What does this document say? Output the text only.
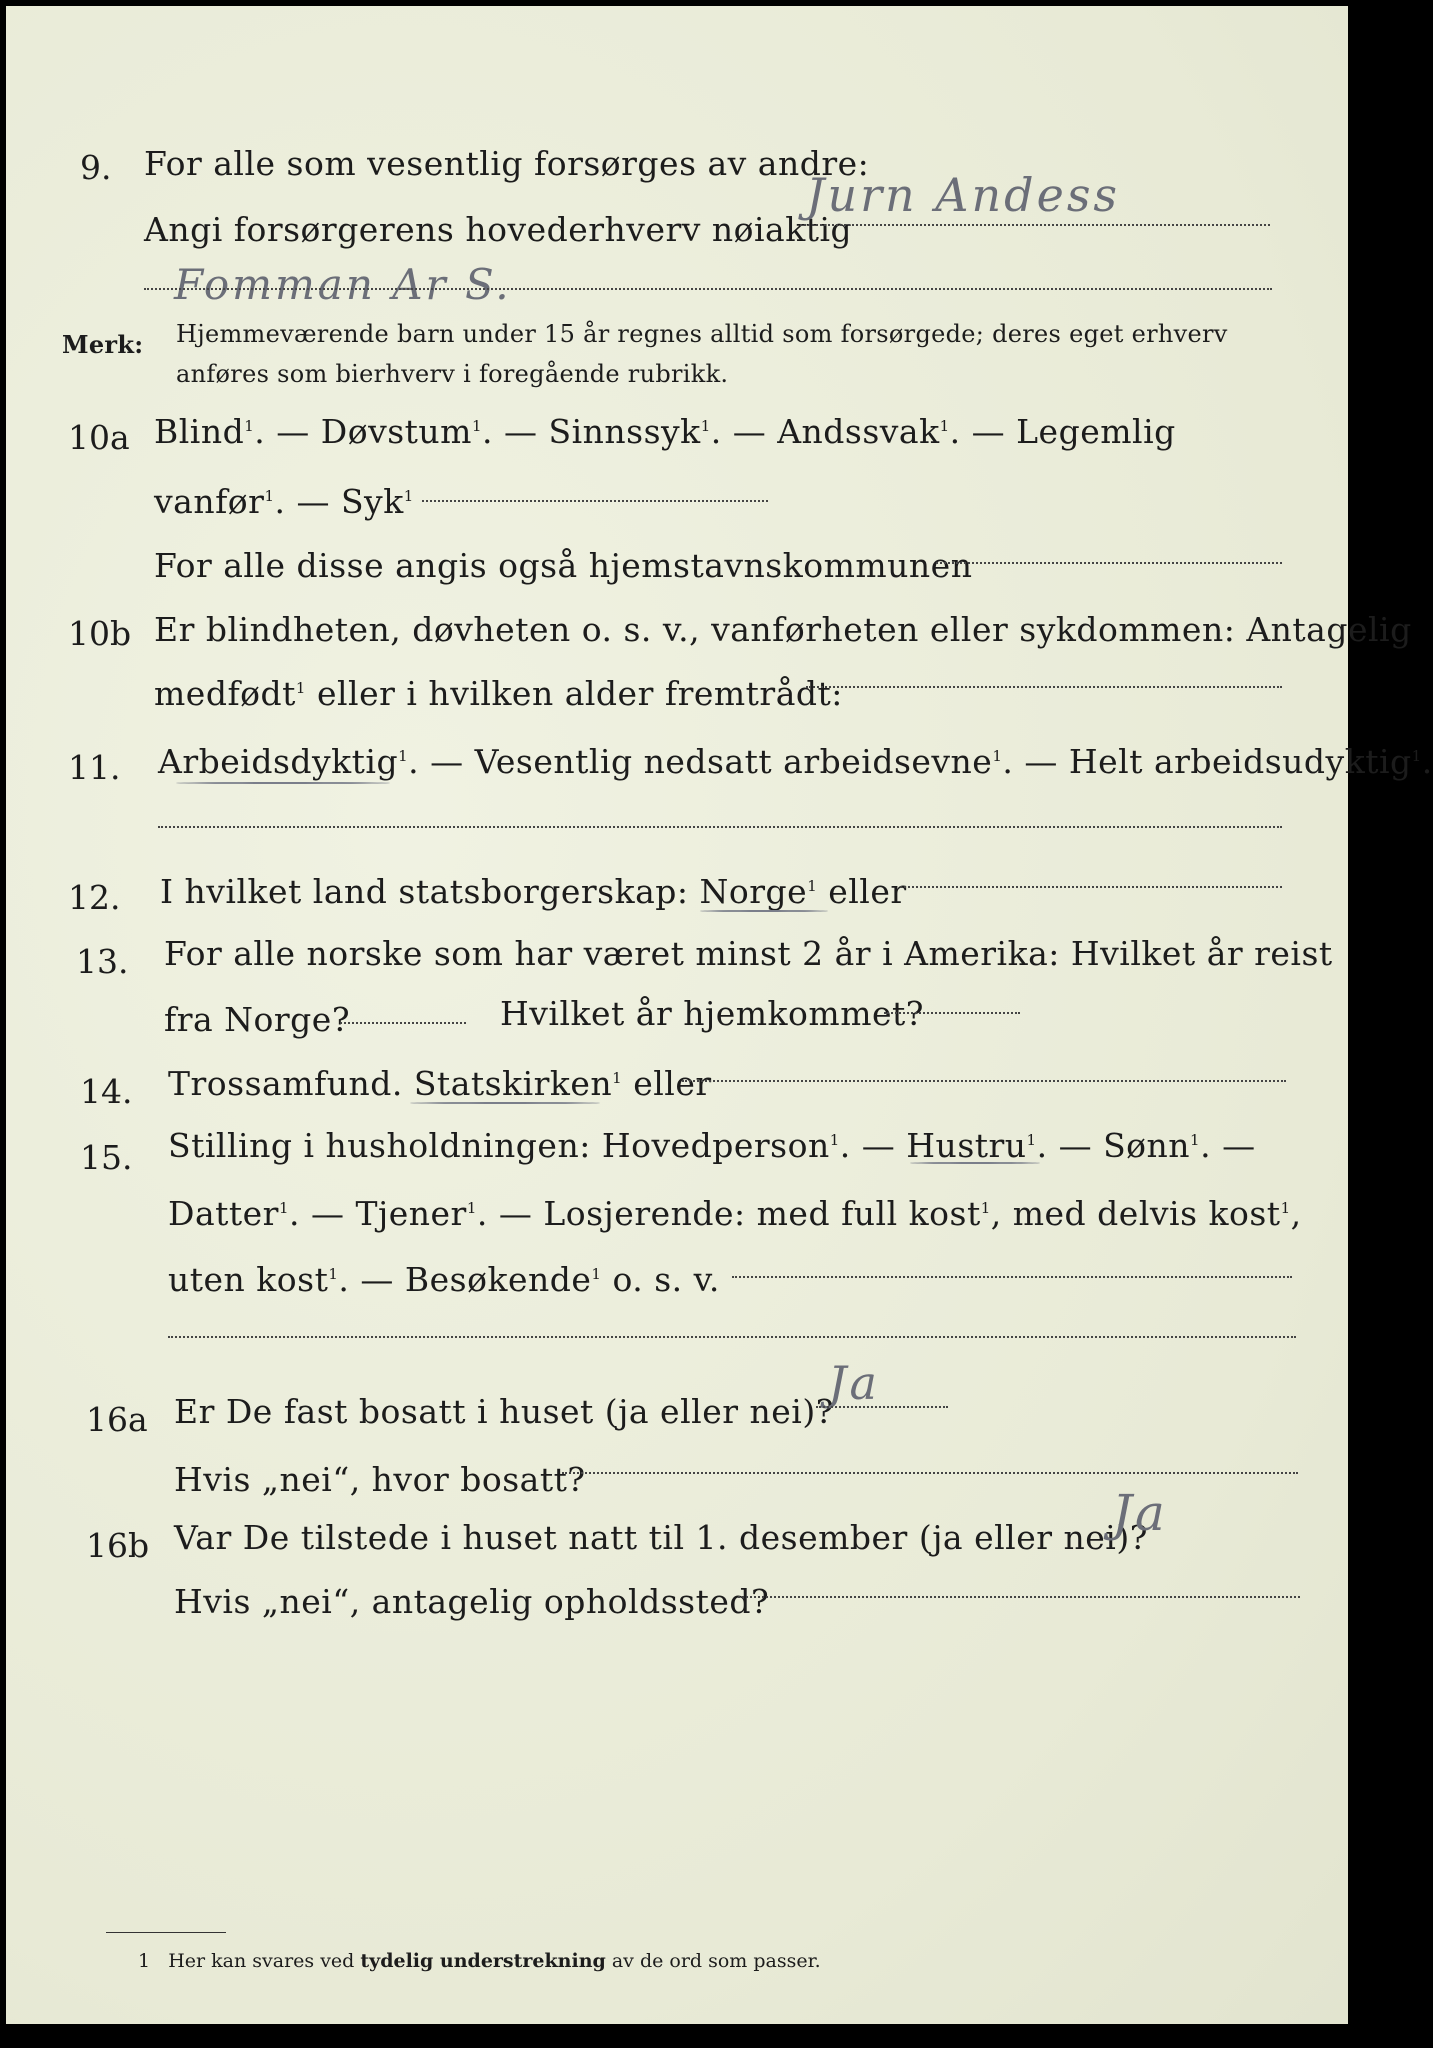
9. For alle som vesentlig forsørges av andre:
Angi forsørgerens hovederhverv nøiaktig
Jurn Andess
Fomman Ar S.
Merk: Hjemmeværende barn under 15 år regnes alltid som forsørgede; deres eget erhverv
anføres som bierhverv i foregående rubrikk.
10a Blind$^1$. — Døvstum$^1$. — Sinnssyk$^1$. — Andssvak$^1$. — Legemlig
vanfør$^1$. — Syk$^1$
For alle disse angis også hjemstavnskommunen
10b Er blindheten, døvheten o. s. v., vanførheten eller sykdommen: Antagelig
medfødt$^1$ eller i hvilken alder fremtrådt:
11. Arbeidsdyktig$^1$. — Vesentlig nedsatt arbeidsevne$^1$. — Helt arbeidsudyktig$^1$.
12. I hvilket land statsborgerskap: Norge$^1$ eller
13. For alle norske som har været minst 2 år i Amerika: Hvilket år reist
fra Norge?	Hvilket år hjemkommet?
14. Trossamfund. Statskirken$^1$ eller
15. Stilling i husholdningen: Hovedperson$^1$. — Hustru$^1$. — Sønn$^1$. —
Datter$^1$. — Tjener$^1$. — Losjerende: med full kost$^1$, med delvis kost$^1$,
uten kost$^1$. — Besøkende$^1$ o. s. v.
16a Er De fast bosatt i huset (ja eller nei)?
Ja
Hvis „nei“, hvor bosatt?
16b Var De tilstede i huset natt til 1. desember (ja eller nei)?
Ja
Hvis „nei“, antagelig opholdssted?
1 Her kan svares ved tydelig understrekning av de ord som passer.
